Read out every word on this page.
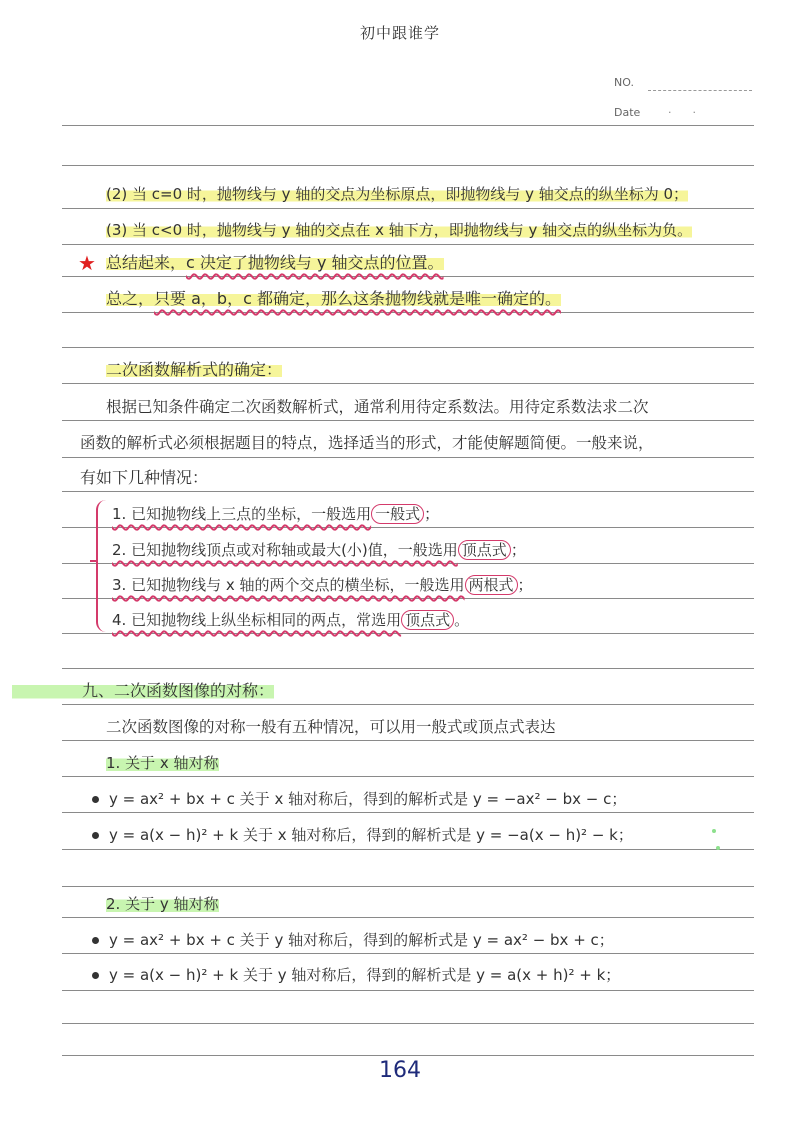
初中跟谁学
NO.
Date	·      ·
(2) 当 c=0 时，抛物线与 y 轴的交点为坐标原点，即抛物线与 y 轴交点的纵坐标为 0；
(3) 当 c<0 时，抛物线与 y 轴的交点在 x 轴下方，即抛物线与 y 轴交点的纵坐标为负。
★ 总结起来，c 决定了抛物线与 y 轴交点的位置。
总之，只要 a，b，c 都确定，那么这条抛物线就是唯一确定的。
二次函数解析式的确定：
根据已知条件确定二次函数解析式，通常利用待定系数法。用待定系数法求二次
函数的解析式必须根据题目的特点，选择适当的形式，才能使解题简便。一般来说，
有如下几种情况：
1. 已知抛物线上三点的坐标，一般选用 一般式 ；
2. 已知抛物线顶点或对称轴或最大(小)值，一般选用 顶点式 ；
3. 已知抛物线与 x 轴的两个交点的横坐标，一般选用 两根式 ；
4. 已知抛物线上纵坐标相同的两点，常选用 顶点式 。
九、二次函数图像的对称：
二次函数图像的对称一般有五种情况，可以用一般式或顶点式表达
1. 关于 x 轴对称
y = ax² + bx + c 关于 x 轴对称后，得到的解析式是 y = −ax² − bx − c；
y = a(x − h)² + k 关于 x 轴对称后，得到的解析式是 y = −a(x − h)² − k；
2. 关于 y 轴对称
y = ax² + bx + c 关于 y 轴对称后，得到的解析式是 y = ax² − bx + c；
y = a(x − h)² + k 关于 y 轴对称后，得到的解析式是 y = a(x + h)² + k；
164
